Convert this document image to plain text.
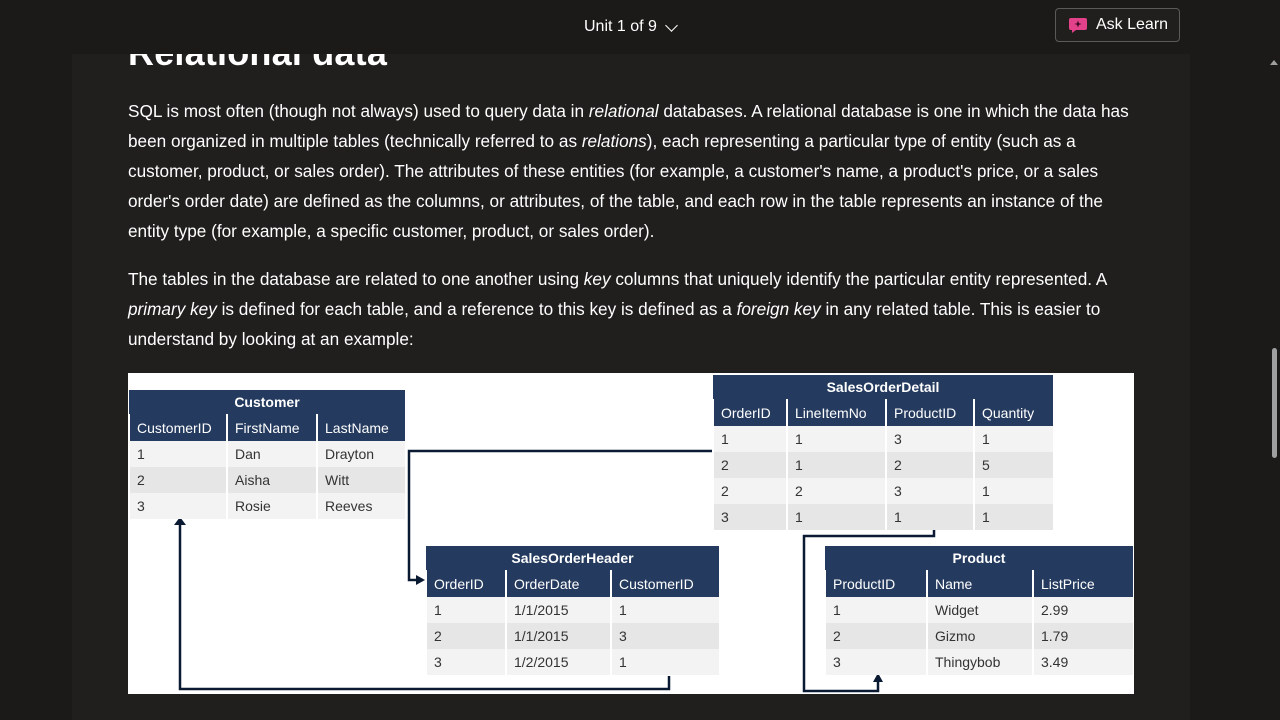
Unit 1 of 9	Ask Learn

SQL is most often (though not always) used to query data in relational databases. A relational database is one in which the data has been organized in multiple tables (technically referred to as relations), each representing a particular type of entity (such as a customer, product, or sales order). The attributes of these entities (for example, a customer's name, a product's price, or a sales order's order date) are defined as the columns, or attributes, of the table, and each row in the table represents an instance of the entity type (for example, a specific customer, product, or sales order).

The tables in the database are related to one another using key columns that uniquely identify the particular entity represented. A primary key is defined for each table, and a reference to this key is defined as a foreign key in any related table. This is easier to understand by looking at an example:

Customer		
CustomerID	FirstName	LastName
1	Dan	Drayton
2	Aisha	Witt
3	Rosie	Reeves
SalesOrderDetail			
OrderID	LineItemNo	ProductID	Quantity
1	1	3	1
2	1	2	5
2	2	3	1
3	1	1	1
SalesOrderHeader		
OrderID	OrderDate	CustomerID
1	1/1/2015	1
2	1/1/2015	3
3	1/2/2015	1
Product		
ProductID	Name	ListPrice
1	Widget	2.99
2	Gizmo	1.79
3	Thingybob	3.49
